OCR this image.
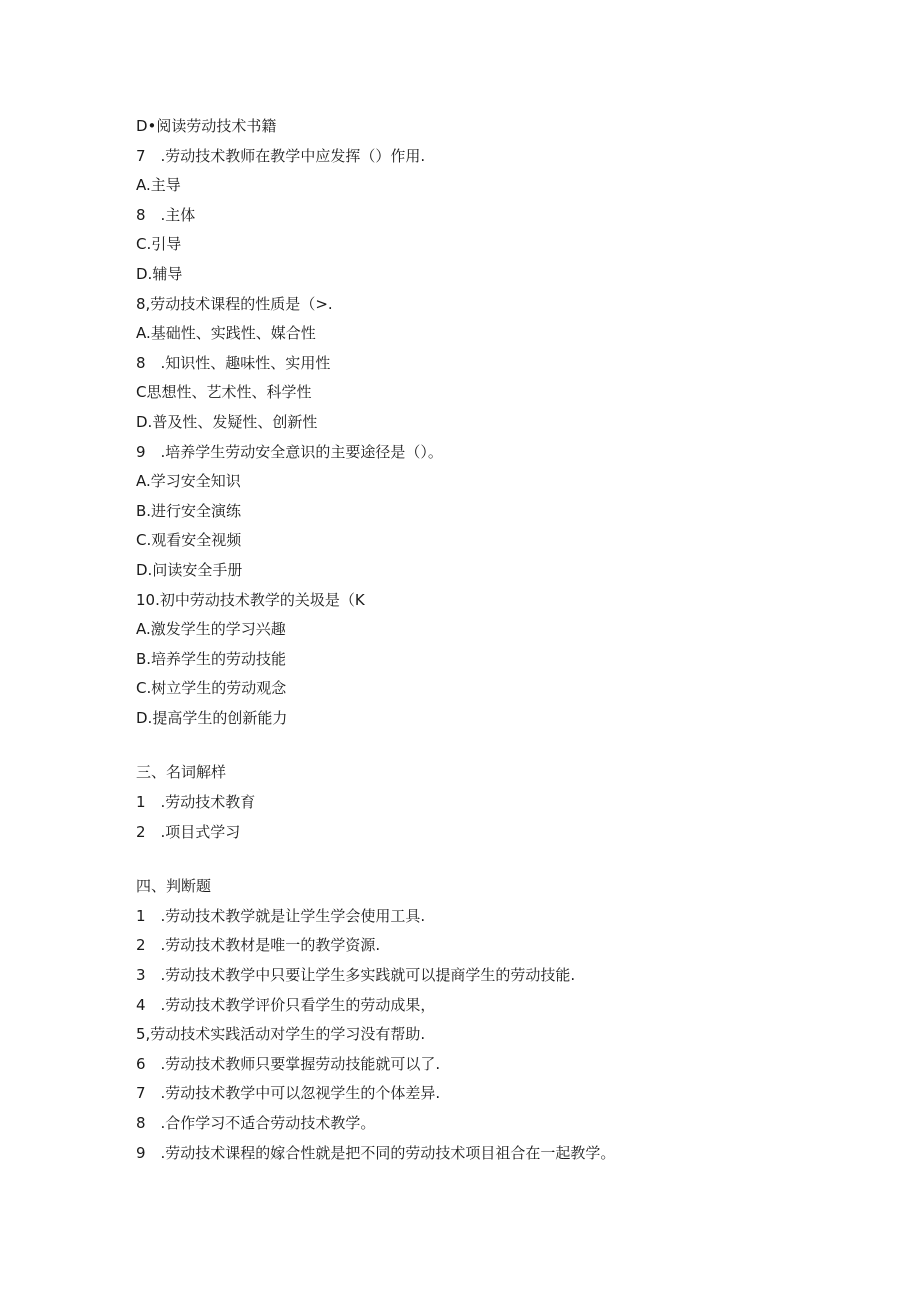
D•阅读劳动技术书籍
7　.劳动技术教师在教学中应发挥（）作用.
A.主导
8　.主体
C.引导
D.辅导
8,劳动技术课程的性质是（>.
A.基础性、实践性、媒合性
8　.知识性、趣味性、实用性
C思想性、艺术性、科学性
D.普及性、发疑性、创新性
9　.培养学生劳动安全意识的主要途径是（）。
A.学习安全知识
B.进行安全演练
C.观看安全视频
D.问读安全手册
10.初中劳动技术教学的关圾是（K
A.激发学生的学习兴趣
B.培养学生的劳动技能
C.树立学生的劳动观念
D.提高学生的创新能力
三、名词解样
1　.劳动技术教育
2　.项目式学习
四、判断题
1　.劳动技术教学就是让学生学会使用工具.
2　.劳动技术教材是唯一的教学资源.
3　.劳动技术教学中只要让学生多实践就可以提商学生的劳动技能.
4　.劳动技术教学评价只看学生的劳动成果，
5,劳动技术实践活动对学生的学习没有帮助.
6　.劳动技术教师只要掌握劳动技能就可以了.
7　.劳动技术教学中可以忽视学生的个体差异.
8　.合作学习不适合劳动技术教学。
9　.劳动技术课程的嫁合性就是把不同的劳动技术项目祖合在一起教学。
